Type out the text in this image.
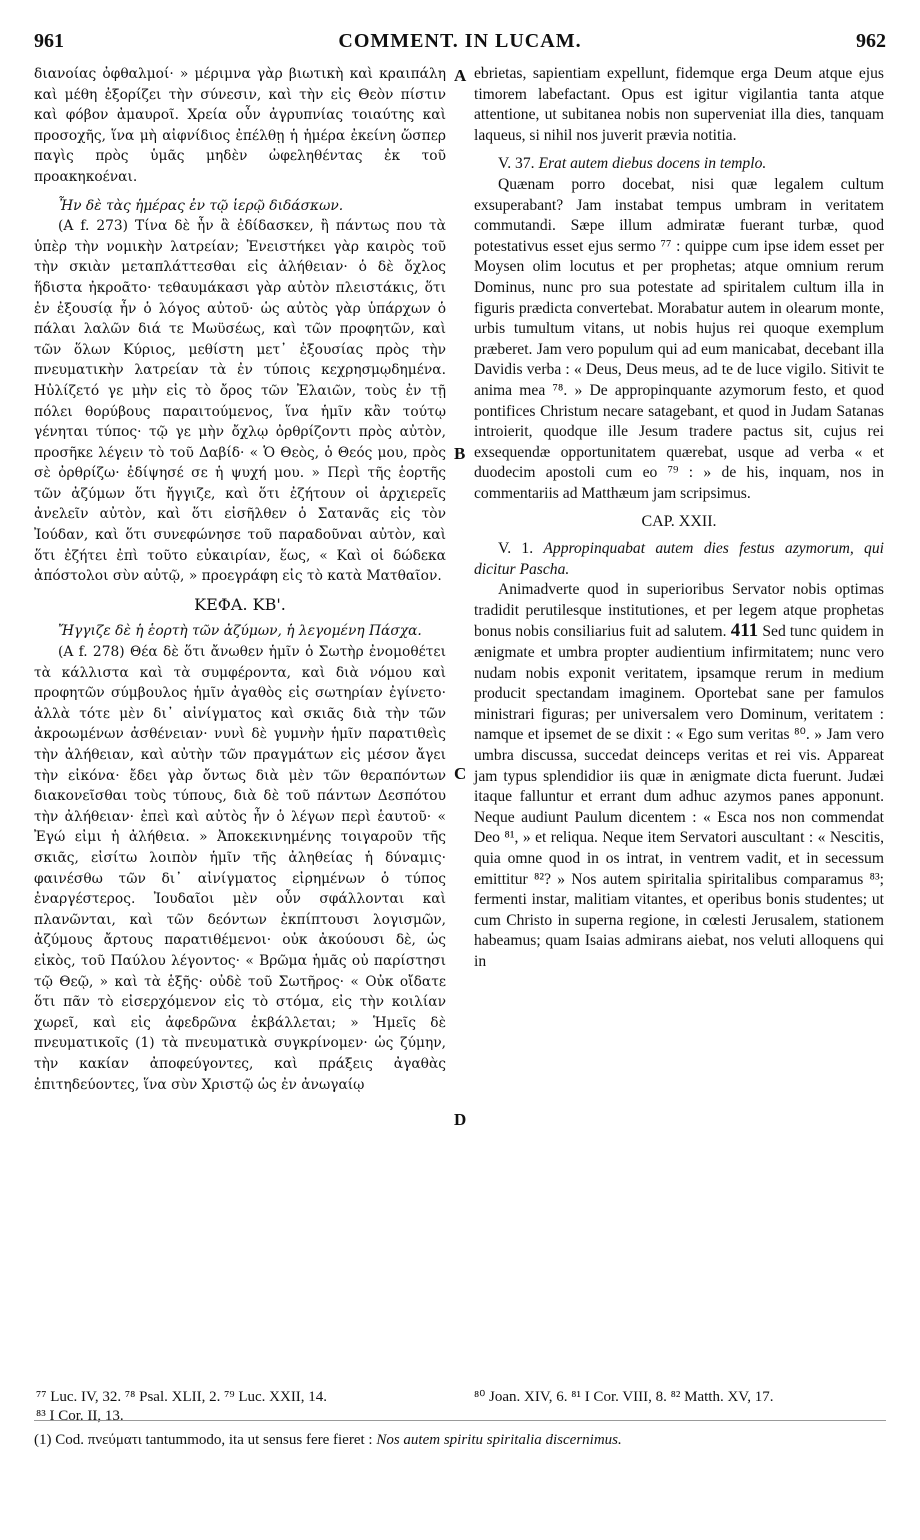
961	COMMENT. IN LUCAM.	962

διανοίας ὀφθαλμοί· » μέριμνα γὰρ βιωτικὴ καὶ κραιπάλη καὶ μέθη ἐξορίζει τὴν σύνεσιν, καὶ τὴν εἰς Θεὸν πίστιν καὶ φόβον ἀμαυροῖ. Χρεία οὖν ἀγρυπνίας τοιαύτης καὶ προσοχῆς, ἵνα μὴ αἰφνίδιος ἐπέλθῃ ἡ ἡμέρα ἐκείνη ὥσπερ παγὶς πρὸς ὑμᾶς μηδὲν ὠφεληθέντας ἐκ τοῦ προακηκοέναι.

Ἦν δὲ τὰς ἡμέρας ἐν τῷ ἱερῷ διδάσκων.

(A f. 273) Τίνα δὲ ἦν ἃ ἐδίδασκεν, ἢ πάντως που τὰ ὑπὲρ τὴν νομικὴν λατρείαν; Ἐνειστήκει γὰρ καιρὸς τοῦ τὴν σκιὰν μεταπλάττεσθαι εἰς ἀλήθειαν· ὁ δὲ ὄχλος ἥδιστα ἠκροᾶτο· τεθαυμάκασι γὰρ αὐτὸν πλειστάκις, ὅτι ἐν ἐξουσίᾳ ἦν ὁ λόγος αὐτοῦ· ὡς αὐτὸς γὰρ ὑπάρχων ὁ πάλαι λαλῶν διά τε Μωϋσέως, καὶ τῶν προφητῶν, καὶ τῶν ὅλων Κύριος, μεθίστη μετ᾽ ἐξουσίας πρὸς τὴν πνευματικὴν λατρείαν τὰ ἐν τύποις κεχρησμῳδημένα. Ηὐλίζετό γε μὴν εἰς τὸ ὄρος τῶν Ἐλαιῶν, τοὺς ἐν τῇ πόλει θορύβους παραιτούμενος, ἵνα ἡμῖν κἂν τούτῳ γένηται τύπος· τῷ γε μὴν ὄχλῳ ὀρθρίζοντι πρὸς αὐτὸν, προσῆκε λέγειν τὸ τοῦ Δαβίδ· « Ὁ Θεὸς, ὁ Θεός μου, πρὸς σὲ ὀρθρίζω· ἐδίψησέ σε ἡ ψυχή μου. » Περὶ τῆς ἑορτῆς τῶν ἀζύμων ὅτι ἤγγιζε, καὶ ὅτι ἐζήτουν οἱ ἀρχιερεῖς ἀνελεῖν αὐτὸν, καὶ ὅτι εἰσῆλθεν ὁ Σατανᾶς εἰς τὸν Ἰούδαν, καὶ ὅτι συνεφώνησε τοῦ παραδοῦναι αὐτὸν, καὶ ὅτι ἐζήτει ἐπὶ τοῦτο εὐκαιρίαν, ἕως, « Καὶ οἱ δώδεκα ἀπόστολοι σὺν αὐτῷ, » προεγράφη εἰς τὸ κατὰ Ματθαῖον.

ΚΕΦΑ. ΚΒ'.

Ἤγγιζε δὲ ἡ ἑορτὴ τῶν ἀζύμων, ἡ λεγομένη Πάσχα.

(A f. 278) Θέα δὲ ὅτι ἄνωθεν ἡμῖν ὁ Σωτὴρ ἐνομοθέτει τὰ κάλλιστα καὶ τὰ συμφέροντα, καὶ διὰ νόμου καὶ προφητῶν σύμβουλος ἡμῖν ἀγαθὸς εἰς σωτηρίαν ἐγίνετο· ἀλλὰ τότε μὲν δι᾽ αἰνίγματος καὶ σκιᾶς διὰ τὴν τῶν ἀκροωμένων ἀσθένειαν· νυνὶ δὲ γυμνὴν ἡμῖν παρατιθεὶς τὴν ἀλήθειαν, καὶ αὐτὴν τῶν πραγμάτων εἰς μέσον ἄγει τὴν εἰκόνα· ἔδει γὰρ ὄντως διὰ μὲν τῶν θεραπόντων διακονεῖσθαι τοὺς τύπους, διὰ δὲ τοῦ πάντων Δεσπότου τὴν ἀλήθειαν· ἐπεὶ καὶ αὐτὸς ἦν ὁ λέγων περὶ ἑαυτοῦ· « Ἐγώ εἰμι ἡ ἀλήθεια. » Ἀποκεκινημένης τοιγαροῦν τῆς σκιᾶς, εἰσίτω λοιπὸν ἡμῖν τῆς ἀληθείας ἡ δύναμις· φαινέσθω τῶν δι᾽ αἰνίγματος εἰρημένων ὁ τύπος ἐναργέστερος. Ἰουδαῖοι μὲν οὖν σφάλλονται καὶ πλανῶνται, καὶ τῶν δεόντων ἐκπίπτουσι λογισμῶν, ἀζύμους ἄρτους παρατιθέμενοι· οὐκ ἀκούουσι δὲ, ὡς εἰκὸς, τοῦ Παύλου λέγοντος· « Βρῶμα ἡμᾶς οὐ παρίστησι τῷ Θεῷ, » καὶ τὰ ἑξῆς· οὐδὲ τοῦ Σωτῆρος· « Οὐκ οἴδατε ὅτι πᾶν τὸ εἰσερχόμενον εἰς τὸ στόμα, εἰς τὴν κοιλίαν χωρεῖ, καὶ εἰς ἀφεδρῶνα ἐκβάλλεται; » Ἡμεῖς δὲ πνευματικοῖς (1) τὰ πνευματικὰ συγκρίνομεν· ὡς ζύμην, τὴν κακίαν ἀποφεύγοντες, καὶ πράξεις ἀγαθὰς ἐπιτηδεύοντες, ἵνα σὺν Χριστῷ ὡς ἐν ἀνωγαίῳ

A
B
C
D

ebrietas, sapientiam expellunt, fidemque erga Deum atque ejus timorem labefactant. Opus est igitur vigilantia tanta atque attentione, ut subitanea nobis non superveniat illa dies, tanquam laqueus, si nihil nos juverit prævia notitia.

V. 37. Erat autem diebus docens in templo.

Quænam porro docebat, nisi quæ legalem cultum exsuperabant? Jam instabat tempus umbram in veritatem commutandi. Sæpe illum admiratæ fuerant turbæ, quod potestativus esset ejus sermo ⁷⁷ : quippe cum ipse idem esset per Moysen olim locutus et per prophetas; atque omnium rerum Dominus, nunc pro sua potestate ad spiritalem cultum illa in figuris prædicta convertebat. Morabatur autem in olearum monte, urbis tumultum vitans, ut nobis hujus rei quoque exemplum præberet. Jam vero populum qui ad eum manicabat, decebant illa Davidis verba : « Deus, Deus meus, ad te de luce vigilo. Sitivit te anima mea ⁷⁸. » De appropinquante azymorum festo, et quod pontifices Christum necare satagebant, et quod in Judam Satanas introierit, quodque ille Jesum tradere pactus sit, cujus rei exsequendæ opportunitatem quærebat, usque ad verba « et duodecim apostoli cum eo ⁷⁹ : » de his, inquam, nos in commentariis ad Matthæum jam scripsimus.

CAP. XXII.

V. 1. Appropinquabat autem dies festus azymorum, qui dicitur Pascha.

Animadverte quod in superioribus Servator nobis optimas tradidit perutilesque institutiones, et per legem atque prophetas bonus nobis consiliarius fuit ad salutem. 411 Sed tunc quidem in ænigmate et umbra propter audientium infirmitatem; nunc vero nudam nobis exponit veritatem, ipsamque rerum in medium producit spectandam imaginem. Oportebat sane per famulos ministrari figuras; per universalem vero Dominum, veritatem : namque et ipsemet de se dixit : « Ego sum veritas ⁸⁰. » Jam vero umbra discussa, succedat deinceps veritas et rei vis. Appareat jam typus splendidior iis quæ in ænigmate dicta fuerunt. Judæi itaque falluntur et errant dum adhuc azymos panes apponunt. Neque audiunt Paulum dicentem : « Esca nos non commendat Deo ⁸¹, » et reliqua. Neque item Servatori auscultant : « Nescitis, quia omne quod in os intrat, in ventrem vadit, et in secessum emittitur ⁸²? » Nos autem spiritalia spiritalibus comparamus ⁸³; fermenti instar, malitiam vitantes, et operibus bonis studentes; ut cum Christo in superna regione, in cœlesti Jerusalem, stationem habeamus; quam Isaias admirans aiebat, nos veluti alloquens qui in

⁷⁷ Luc. IV, 32. ⁷⁸ Psal. XLII, 2. ⁷⁹ Luc. XXII, 14.
⁸³ I Cor. II, 13.
⁸⁰ Joan. XIV, 6. ⁸¹ I Cor. VIII, 8. ⁸² Matth. XV, 17.
(1) Cod. πνεύματι tantummodo, ita ut sensus fere fieret : Nos autem spiritu spiritalia discernimus.
